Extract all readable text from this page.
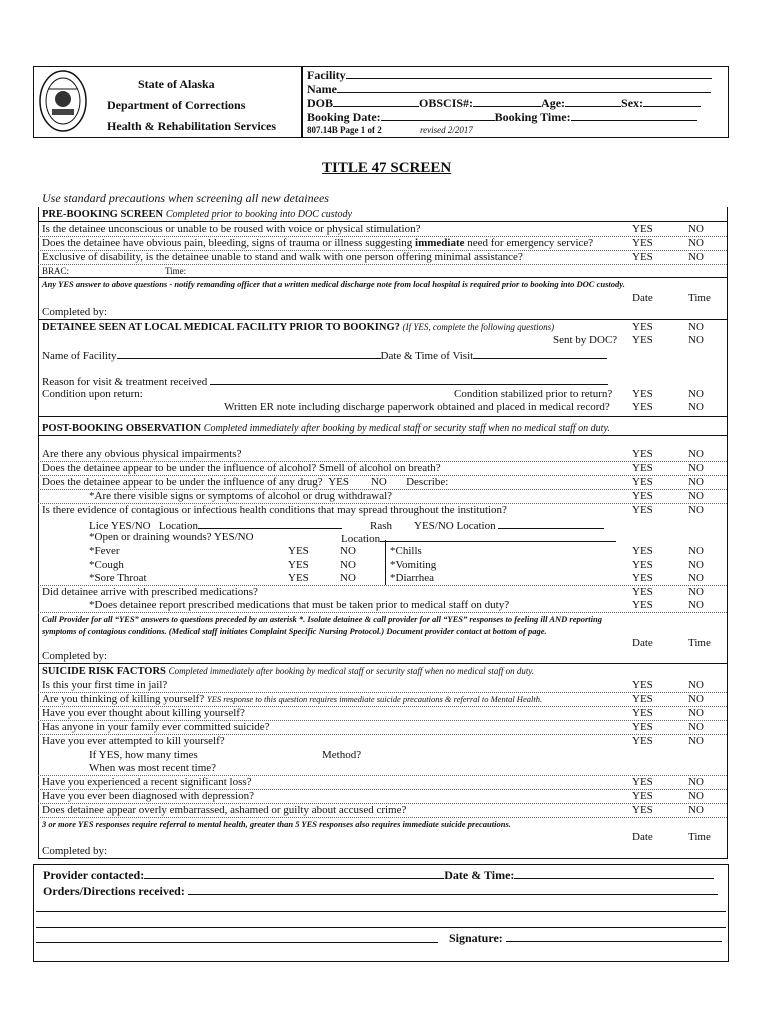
State of Alaska
Department of Corrections
Health & Rehabilitation Services
Facility
Name
DOB	OBSCIS#:	Age:	Sex:
Booking Date:	Booking Time:
807.14B Page 1 of 2	revised 2/2017
TITLE 47 SCREEN
Use standard precautions when screening all new detainees
PRE-BOOKING SCREEN Completed prior to booking into DOC custody
Is the detainee unconscious or unable to be roused with voice or physical stimulation?	YES	NO
Does the detainee have obvious pain, bleeding, signs of trauma or illness suggesting immediate need for emergency service?	YES	NO
Exclusive of disability, is the detainee unable to stand and walk with one person offering minimal assistance?	YES	NO
BRAC:	Time:
Any YES answer to above questions - notify remanding officer that a written medical discharge note from local hospital is required prior to booking into DOC custody.
Date	Time
Completed by:
DETAINEE SEEN AT LOCAL MEDICAL FACILITY PRIOR TO BOOKING? (If YES, complete the following questions)	YES	NO
Sent by DOC? YES	NO
Name of Facility	Date & Time of Visit
Reason for visit & treatment received
Condition upon return:	Condition stabilized prior to return? YES	NO
Written ER note including discharge paperwork obtained and placed in medical record? YES	NO
POST-BOOKING OBSERVATION Completed immediately after booking by medical staff or security staff when no medical staff on duty.
Are there any obvious physical impairments?	YES	NO
Does the detainee appear to be under the influence of alcohol? Smell of alcohol on breath?	YES	NO
Does the detainee appear to be under the influence of any drug? YES NO Describe:	YES	NO
*Are there visible signs or symptoms of alcohol or drug withdrawal?	YES	NO
Is there evidence of contagious or infectious health conditions that may spread throughout the institution?	YES	NO
Lice YES/NO Location	Rash YES/NO Location
*Open or draining wounds? YES/NO	Location
*Fever	YES	NO	*Chills	YES	NO
*Cough	YES	NO	*Vomiting	YES	NO
*Sore Throat	YES	NO	*Diarrhea	YES	NO
Did detainee arrive with prescribed medications?	YES	NO
*Does detainee report prescribed medications that must be taken prior to medical staff on duty?	YES	NO
Call Provider for all “YES” answers to questions preceded by an asterisk *. Isolate detainee & call provider for all “YES” responses to feeling ill AND reporting
symptoms of contagious conditions. (Medical staff initiates Complaint Specific Nursing Protocol.) Document provider contact at bottom of page.
Date	Time
Completed by:
SUICIDE RISK FACTORS Completed immediately after booking by medical staff or security staff when no medical staff on duty.
Is this your first time in jail?	YES	NO
Are you thinking of killing yourself? YES response to this question requires immediate suicide precautions & referral to Mental Health.	YES	NO
Have you ever thought about killing yourself?	YES	NO
Has anyone in your family ever committed suicide?	YES	NO
Have you ever attempted to kill yourself?	YES	NO
If YES, how many times	Method?
When was most recent time?
Have you experienced a recent significant loss?	YES	NO
Have you ever been diagnosed with depression?	YES	NO
Does detainee appear overly embarrassed, ashamed or guilty about accused crime?	YES	NO
3 or more YES responses require referral to mental health, greater than 5 YES responses also requires immediate suicide precautions.
Date	Time
Completed by:
Provider contacted:	Date & Time:
Orders/Directions received:
Signature:
